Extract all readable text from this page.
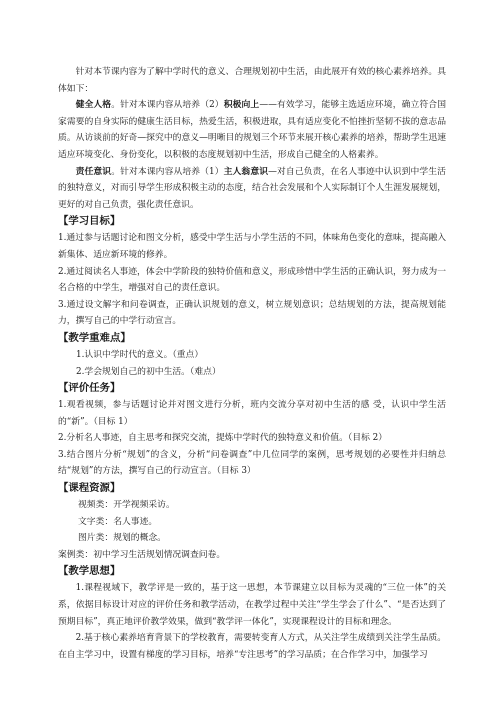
针对本节课内容为了解中学时代的意义、合理规划初中生活，由此展开有效的核心素养培养。具体如下：

健全人格。针对本课内容从培养（2）积极向上——有效学习，能够主选适应环境，确立符合国家需要的自身实际的健康生活目标，热爱生活，积极进取，具有适应变化不怕挫折坚韧不拔的意志品质。从访谈前的好奇—探究中的意义—明晰目的规划三个环节来展开核心素养的培养，帮助学生迅速适应环境变化、身份变化，以积极的态度规划初中生活，形成自己健全的人格素养。

责任意识。针对本课内容从培养（1）主人翁意识—对自己负责，在名人事迹中认识到中学生活的独特意义，对而引导学生形成积极主动的态度，结合社会发展和个人实际制订个人生涯发展规划，更好的对自己负责，强化责任意识。

【学习目标】

1.通过参与话题讨论和图文分析，感受中学生活与小学生活的不同，体味角色变化的意味，提高融入新集体、适应新环境的修养。

2.通过阅读名人事迹，体会中学阶段的独特价值和意义，形成珍惜中学生活的正确认识，努力成为一名合格的中学生，增强对自己的责任意识。

3.通过设文解字和问卷调查，正确认识规划的意义，树立规划意识；总结规划的方法，提高规划能力，撰写自己的中学行动宣言。

【教学重难点】

1.认识中学时代的意义。（重点）

2.学会规划自己的初中生活。（难点）

【评价任务】

1.观看视频，参与话题讨论并对图文进行分析，班内交流分享对初中生活的感 受，认识中学生活的“新”。（目标 1）

2.分析名人事迹，自主思考和探究交流，提炼中学时代的独特意义和价值。（目标 2）

3.结合图片分析“规划”的含义，分析“问卷调查”中几位同学的案例，思考规划的必要性并归纳总结“规划”的方法，撰写自己的行动宣言。（目标 3）

【课程资源】

视频类：开学视频采访。

文字类：名人事迹。

图片类：规划的概念。

案例类：初中学习生活规划情况调查问卷。

【教学思想】

1.课程视域下，教学评是一致的，基于这一思想，本节课建立以目标为灵魂的“三位一体”的关系，依据目标设计对应的评价任务和教学活动，在教学过程中关注“学生学会了什么”、“是否达到了预期目标”，真正地评价教学效果，做到“教学评一体化”，实现课程设计的目标和理念。

2.基于核心素养培育背景下的学校教育，需要转变育人方式，从关注学生成绩到关注学生品质。在自主学习中，设置有梯度的学习目标，培养“专注思考”的学习品质；在合作学习中，加强学习
